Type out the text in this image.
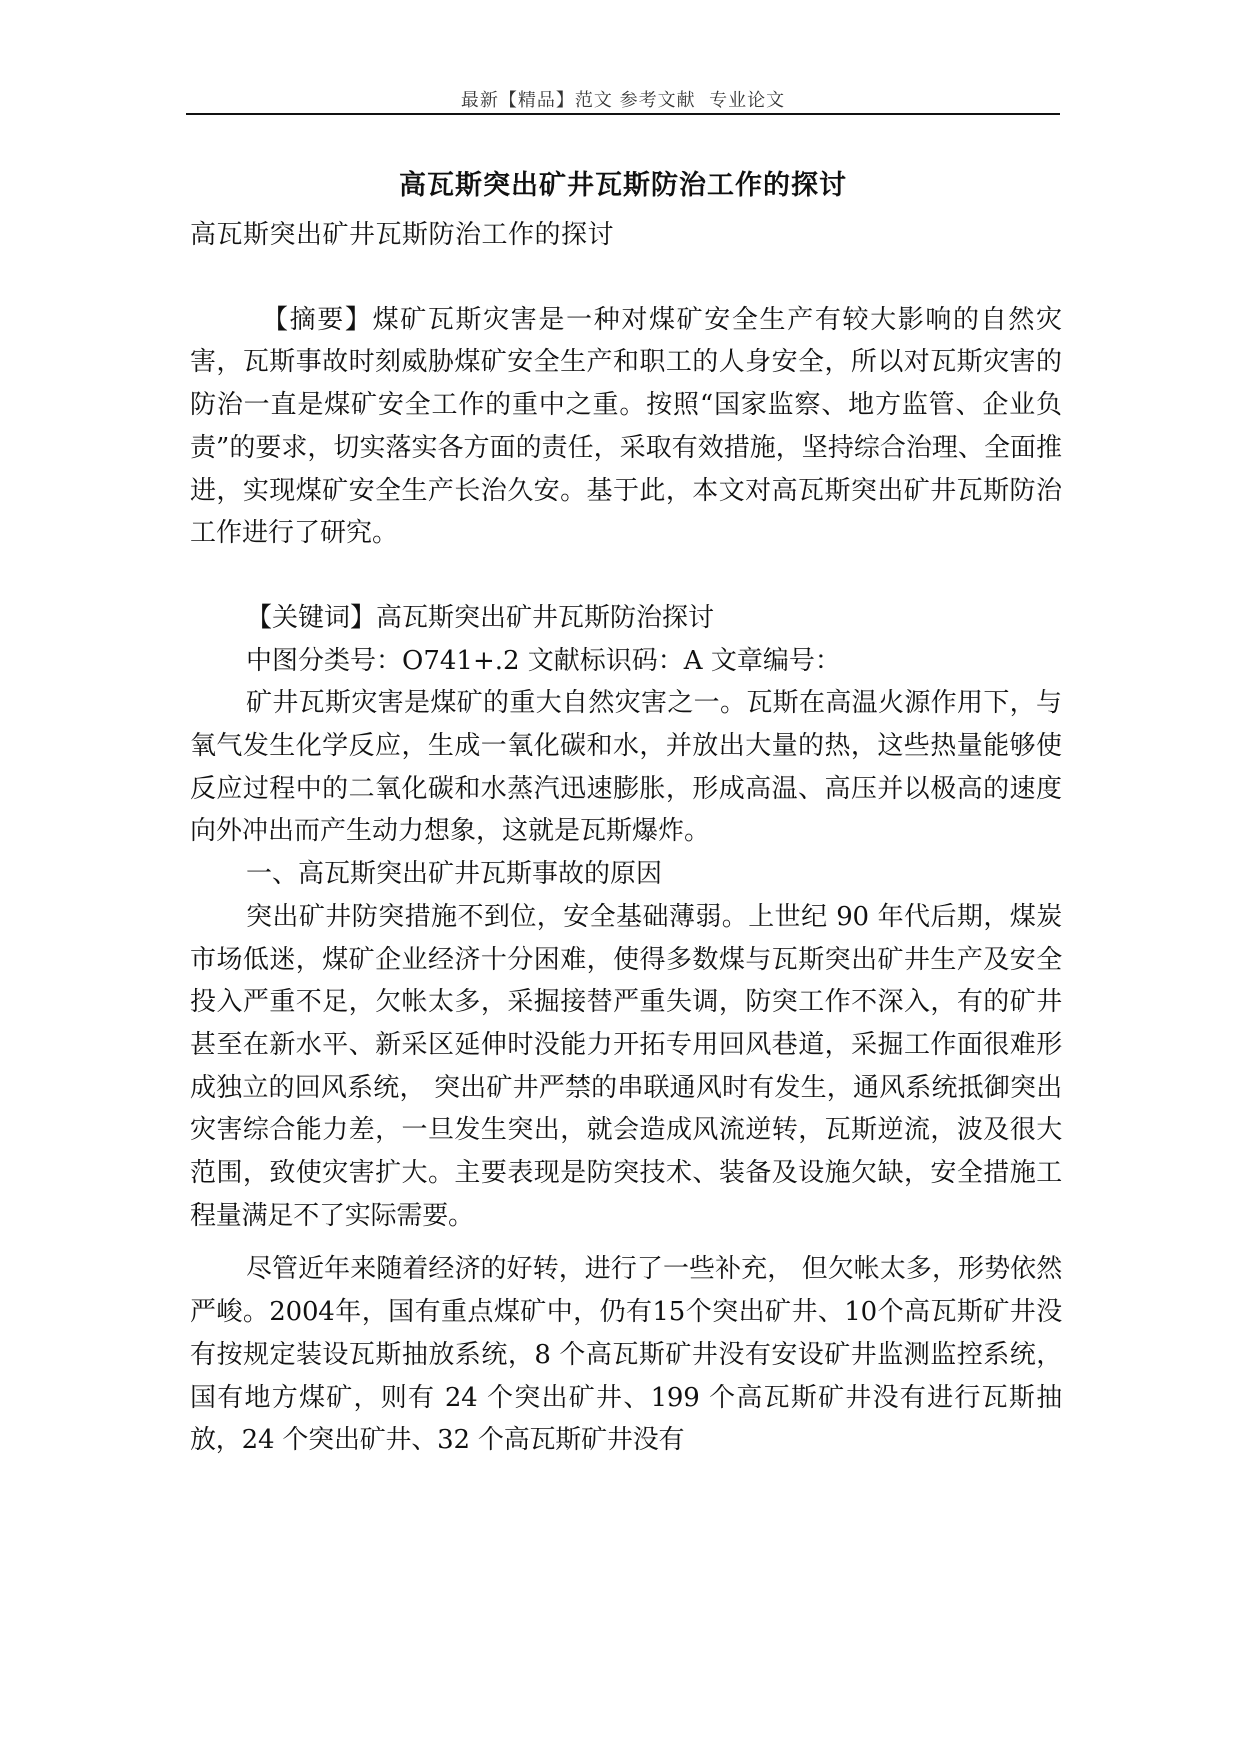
最新【精品】范文 参考文献  专业论文
高瓦斯突出矿井瓦斯防治工作的探讨

高瓦斯突出矿井瓦斯防治工作的探讨

【摘要】煤矿瓦斯灾害是一种对煤矿安全生产有较大影响的自然灾害，瓦斯事故时刻威胁煤矿安全生产和职工的人身安全，所以对瓦斯灾害的防治一直是煤矿安全工作的重中之重。按照“国家监察、地方监管、企业负责”的要求，切实落实各方面的责任，采取有效措施，坚持综合治理、全面推进，实现煤矿安全生产长治久安。基于此，本文对高瓦斯突出矿井瓦斯防治工作进行了研究。

【关键词】高瓦斯突出矿井瓦斯防治探讨

中图分类号：O741+.2 文献标识码：A 文章编号：

矿井瓦斯灾害是煤矿的重大自然灾害之一。瓦斯在高温火源作用下，与氧气发生化学反应，生成一氧化碳和水，并放出大量的热，这些热量能够使反应过程中的二氧化碳和水蒸汽迅速膨胀，形成高温、高压并以极高的速度向外冲出而产生动力想象，这就是瓦斯爆炸。

一、高瓦斯突出矿井瓦斯事故的原因

突出矿井防突措施不到位，安全基础薄弱。上世纪 90 年代后期，煤炭市场低迷，煤矿企业经济十分困难，使得多数煤与瓦斯突出矿井生产及安全投入严重不足，欠帐太多，采掘接替严重失调，防突工作不深入，有的矿井甚至在新水平、新采区延伸时没能力开拓专用回风巷道，采掘工作面很难形成独立的回风系统， 突出矿井严禁的串联通风时有发生，通风系统抵御突出灾害综合能力差，一旦发生突出，就会造成风流逆转，瓦斯逆流，波及很大范围，致使灾害扩大。主要表现是防突技术、装备及设施欠缺，安全措施工程量满足不了实际需要。

尽管近年来随着经济的好转，进行了一些补充， 但欠帐太多，形势依然严峻。2004年，国有重点煤矿中，仍有15个突出矿井、10个高瓦斯矿井没有按规定装设瓦斯抽放系统，8 个高瓦斯矿井没有安设矿井监测监控系统，国有地方煤矿，则有 24 个突出矿井、199 个高瓦斯矿井没有进行瓦斯抽放，24 个突出矿井、32 个高瓦斯矿井没有
